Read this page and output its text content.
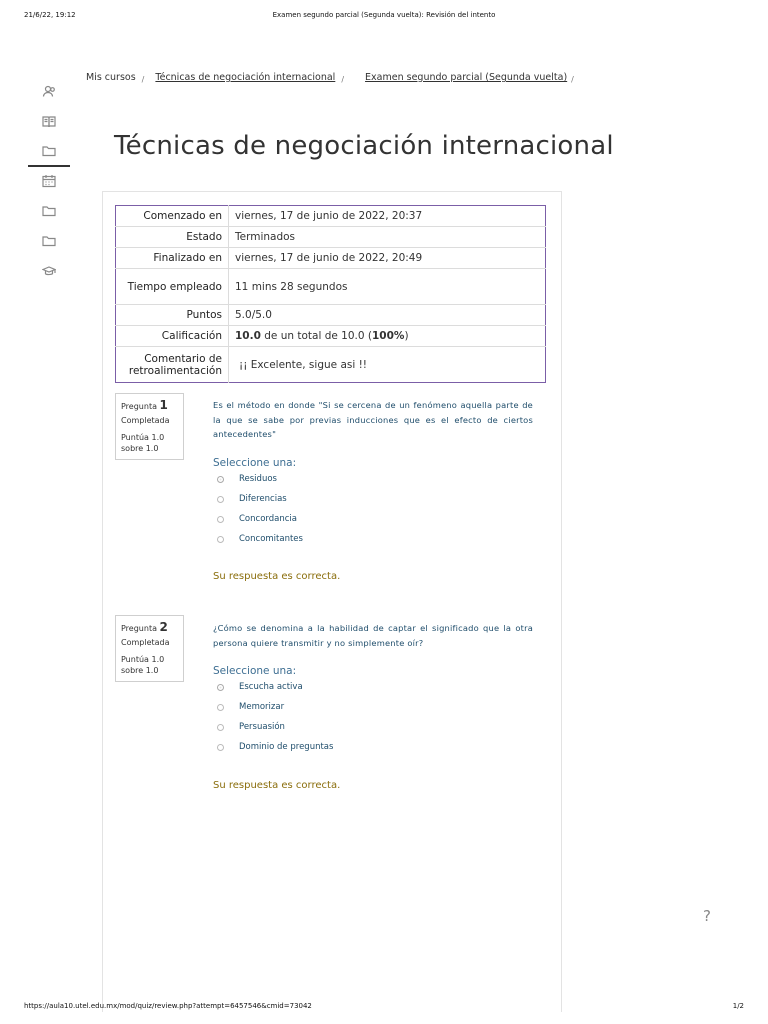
21/6/22, 19:12	Examen segundo parcial (Segunda vuelta): Revisión del intento
Mis cursos $_/$ Técnicas de negociación internacional $_/$ Examen segundo parcial (Segunda vuelta) $_/$
Técnicas de negociación internacional
Comenzado en	viernes, 17 de junio de 2022, 20:37
Estado	Terminados
Finalizado en	viernes, 17 de junio de 2022, 20:49
Tiempo empleado	11 mins 28 segundos
Puntos	5.0/5.0
Calificación	10.0 de un total de 10.0 (100%)
Comentario de retroalimentación	¡¡ Excelente, sigue asi !!
Pregunta 1
Completada
Puntúa 1.0 sobre 1.0
Es el método en donde "Si se cercena de un fenómeno aquella parte de la que se sabe por previas inducciones que es el efecto de ciertos antecedentes"
Seleccione una:
Residuos
Diferencias
Concordancia
Concomitantes
Su respuesta es correcta.
Pregunta 2
Completada
Puntúa 1.0 sobre 1.0
¿Cómo se denomina a la habilidad de captar el significado que la otra persona quiere transmitir y no simplemente oír?
Seleccione una:
Escucha activa
Memorizar
Persuasión
Dominio de preguntas
Su respuesta es correcta.
?
https://aula10.utel.edu.mx/mod/quiz/review.php?attempt=6457546&cmid=73042	1/2
